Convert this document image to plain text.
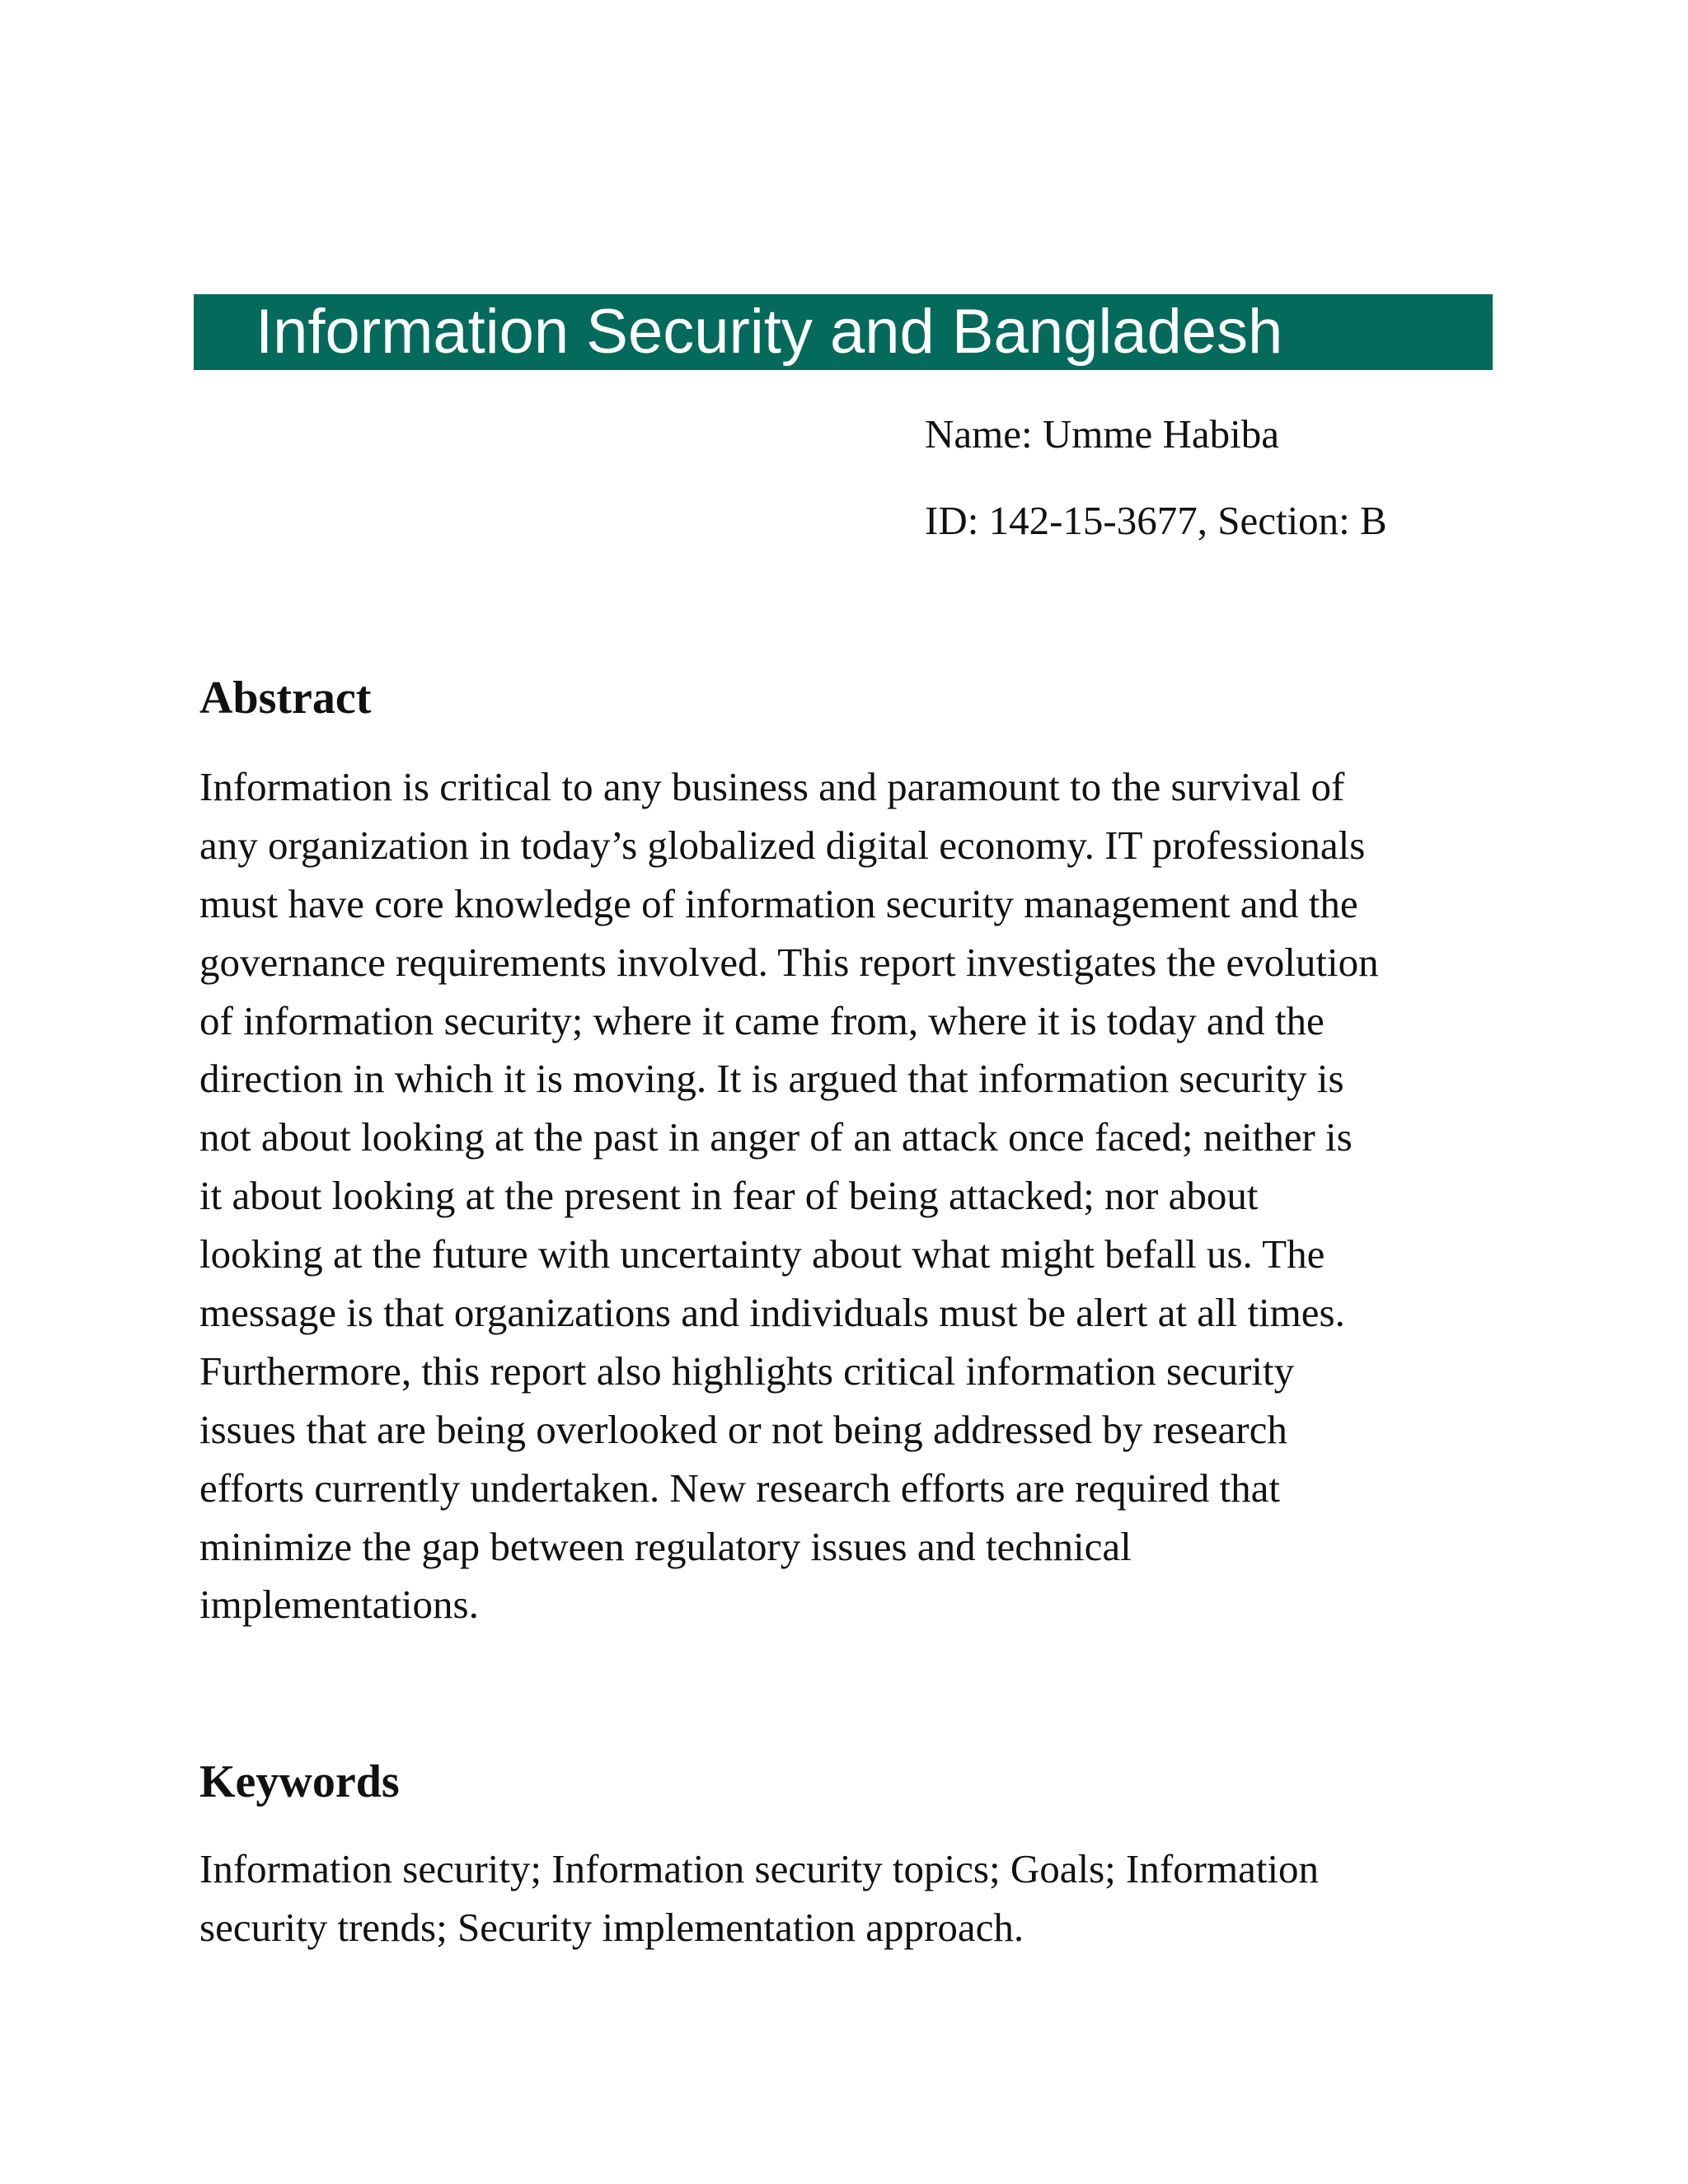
Information Security and Bangladesh
Name: Umme Habiba
ID: 142-15-3677, Section: B
Abstract
Information is critical to any business and paramount to the survival of
any organization in today’s globalized digital economy. IT professionals
must have core knowledge of information security management and the
governance requirements involved. This report investigates the evolution
of information security; where it came from, where it is today and the
direction in which it is moving. It is argued that information security is
not about looking at the past in anger of an attack once faced; neither is
it about looking at the present in fear of being attacked; nor about
looking at the future with uncertainty about what might befall us. The
message is that organizations and individuals must be alert at all times.
Furthermore, this report also highlights critical information security
issues that are being overlooked or not being addressed by research
efforts currently undertaken. New research efforts are required that
minimize the gap between regulatory issues and technical
implementations.
Keywords
Information security; Information security topics; Goals; Information
security trends; Security implementation approach.
